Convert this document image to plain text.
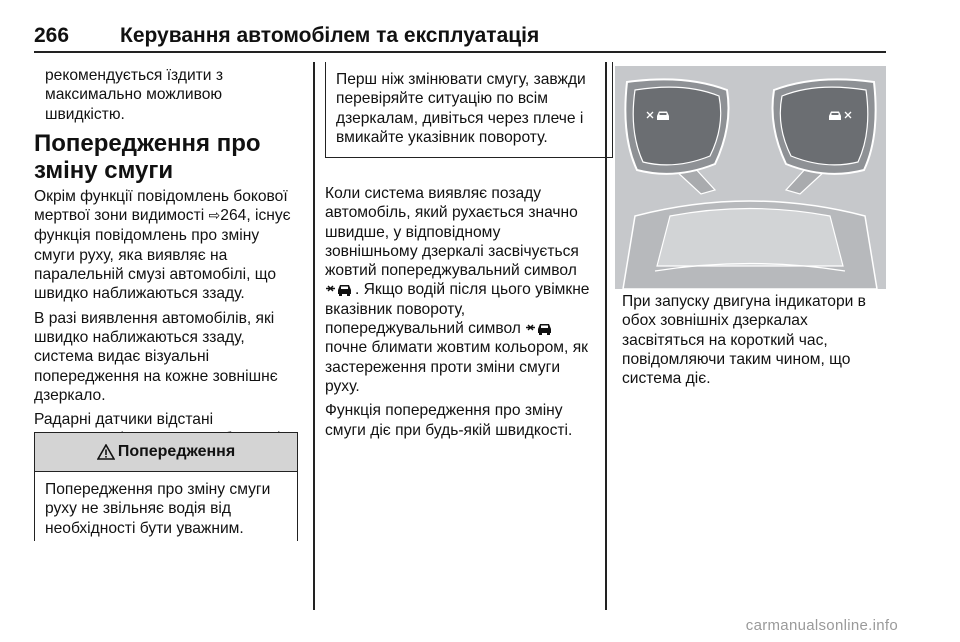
266 Керування автомобілем та експлуатація

рекомендується їздити з максимально можливою швидкістю.

Попередження про зміну смуги

Окрім функції повідомлень бокової мертвої зони видимості ⇨264, існує функція повідомлень про зміну смуги руху, яка виявляє на паралельній смузі автомобілі, що швидко наближаються ззаду.

В разі виявлення автомобілів, які швидко наближаються ззаду, система видає візуальні попередження на кожне зовнішнє дзеркало.

Радарні датчики відстані

Попередження
Попередження про зміну смуги руху не звільняє водія від необхідності бути уважним.
Перш ніж змінювати смугу, завжди перевіряйте ситуацію по всім дзеркалам, дивіться через плече і вмикайте указівник повороту.

Коли система виявляє позаду автомобіль, який рухається значно швидше, у відповідному зовнішньому дзеркалі засвічується жовтий попереджувальний символ . Якщо водій після цього увімкне вказівник повороту, попереджувальний символ  почне блимати жовтим кольором, як застереження проти зміни смуги руху.

Функція попередження про зміну смуги діє при будь-якій швидкості.

При запуску двигуна індикатори в обох зовнішніх дзеркалах засвітяться на короткий час, повідомляючи таким чином, що система діє.

carmanualsonline.info
